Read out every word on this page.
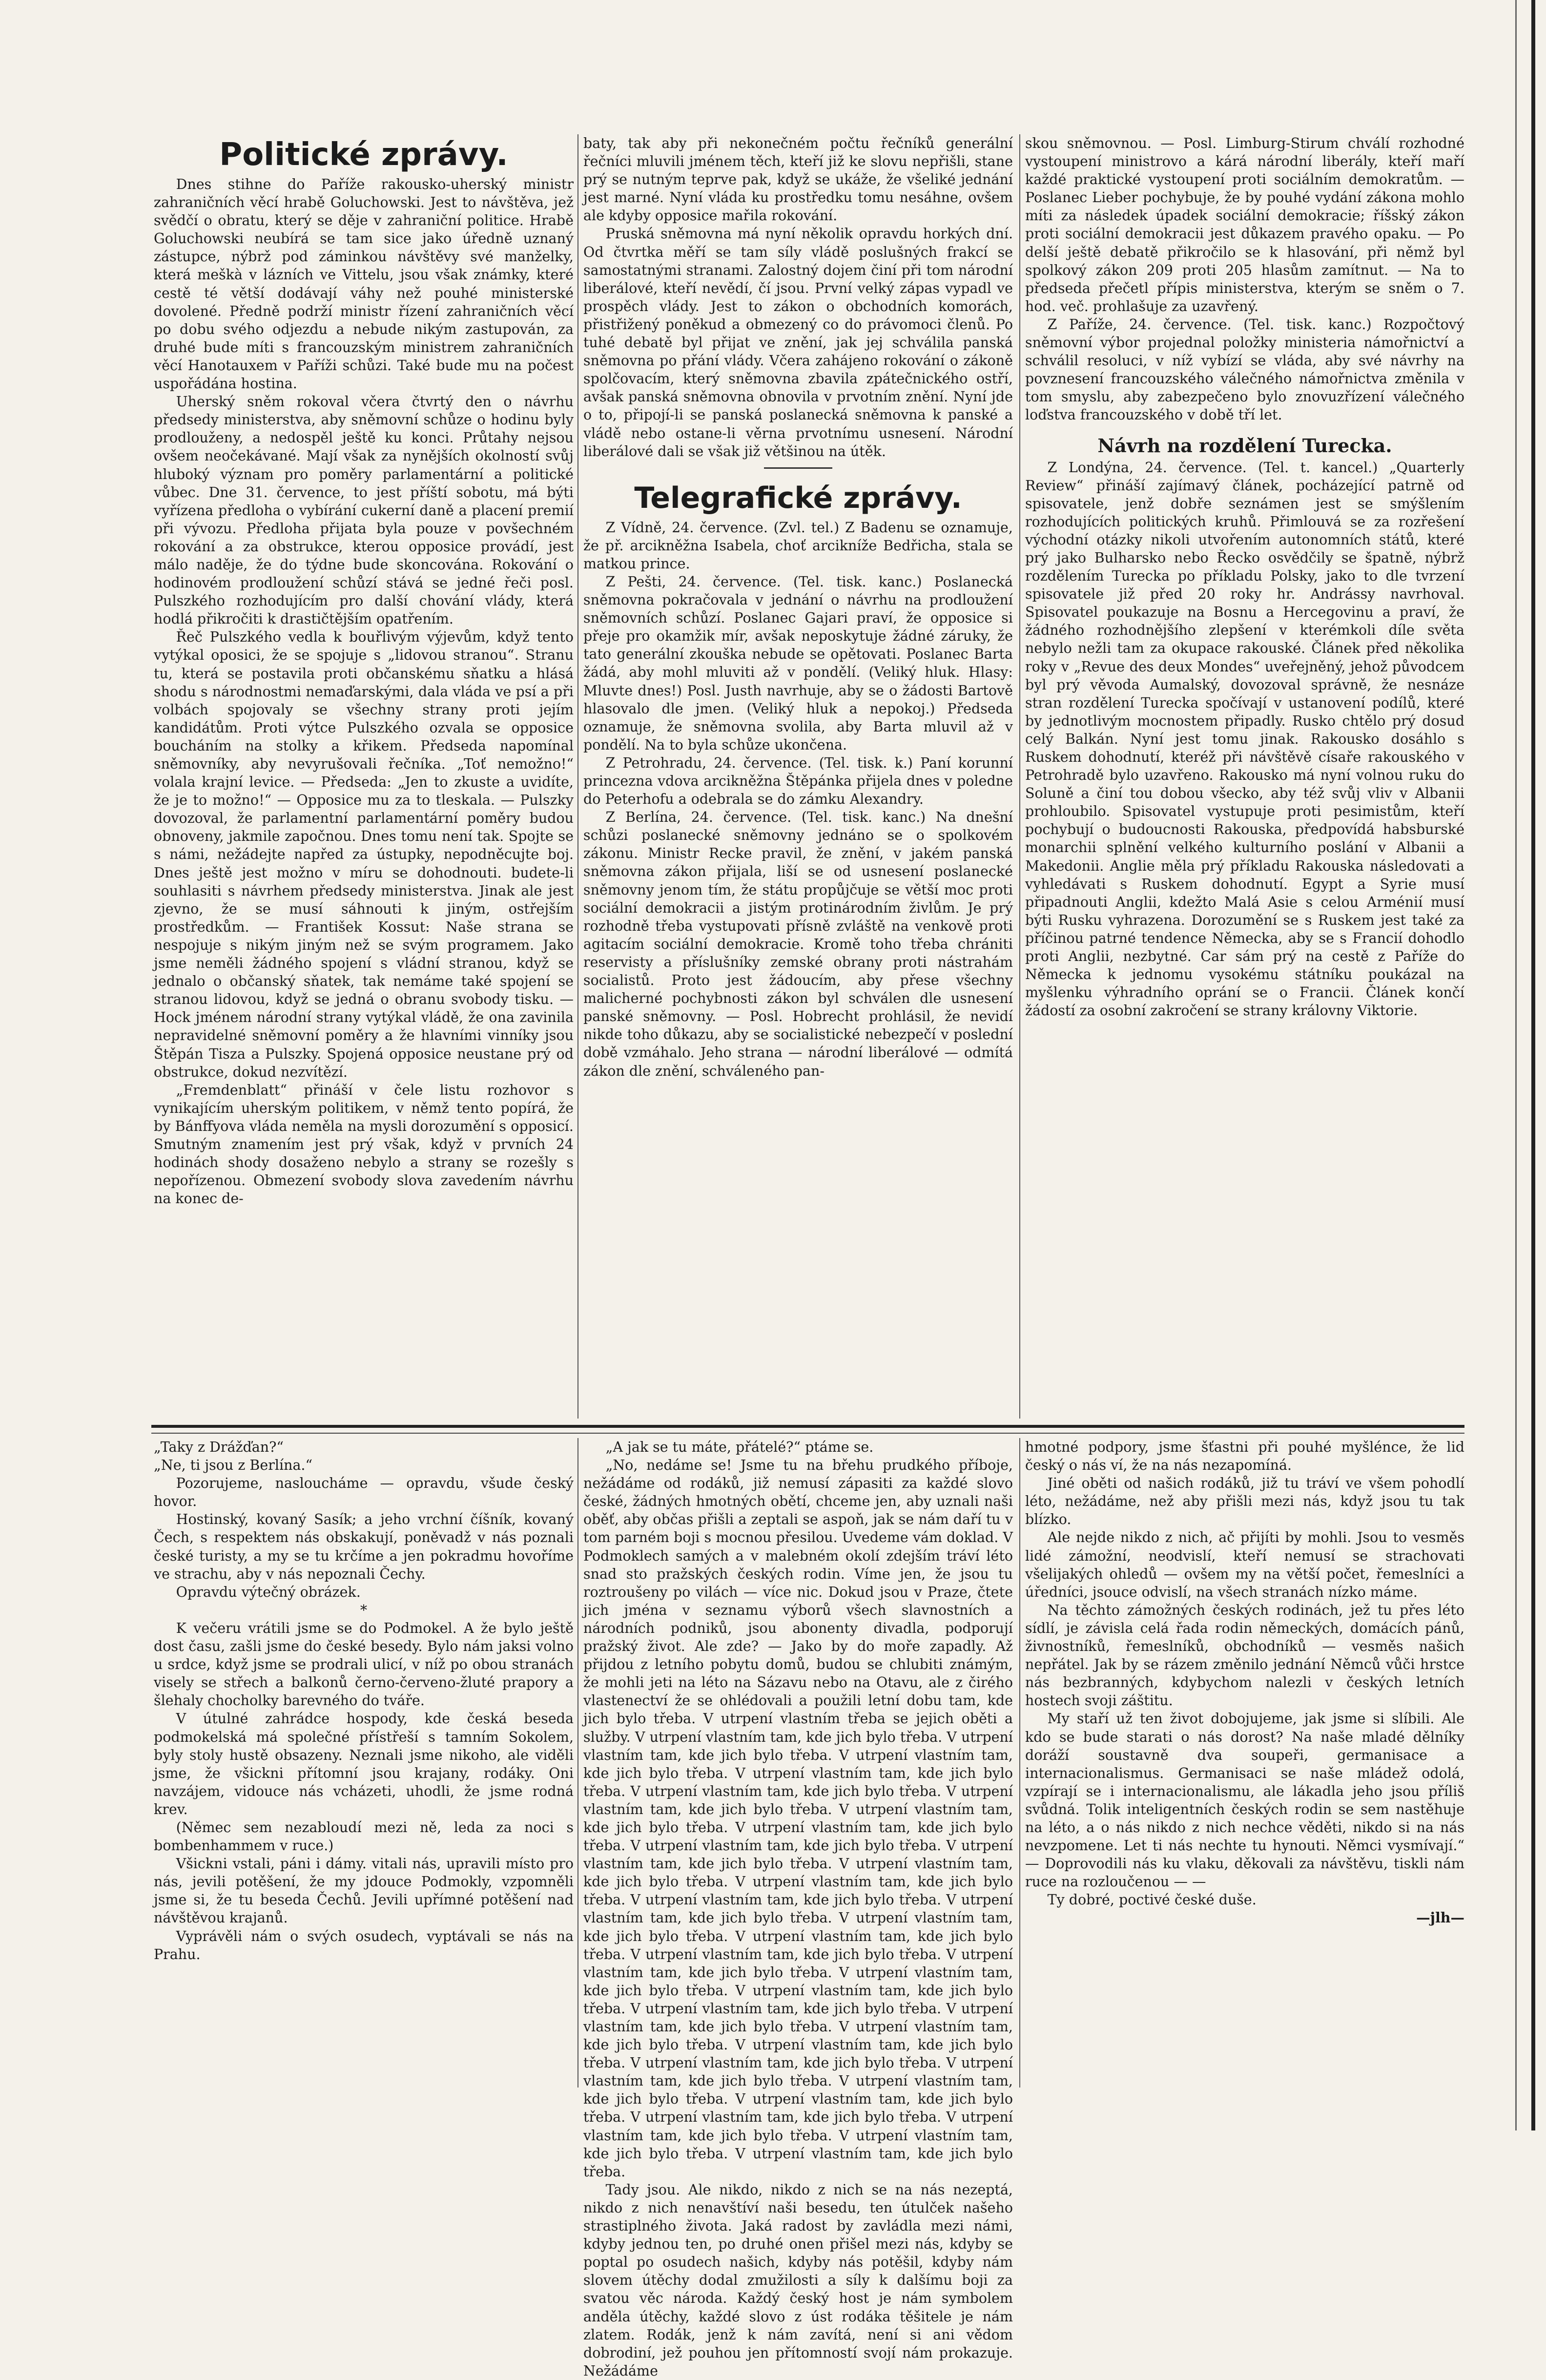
Politické zprávy.

Dnes stihne do Paříže rakousko-uherský ministr zahraničních věcí hrabě Goluchowski. Jest to návštěva, jež svědčí o obratu, který se děje v zahraniční politice. Hrabě Goluchowski neubírá se tam sice jako úředně uznaný zástupce, nýbrž pod záminkou návštěvy své manželky, která meškà v lázních ve Vittelu, jsou však známky, které cestě té větší dodávají váhy než pouhé ministerské dovolené. Předně podrží ministr řízení zahraničních věcí po dobu svého odjezdu a nebude nikým zastupován, za druhé bude míti s francouzským ministrem zahraničních věcí Hanotauxem v Paříži schůzi. Také bude mu na počest uspořádána hostina.

Uherský sněm rokoval včera čtvrtý den o návrhu předsedy ministerstva, aby sněmovní schůze o hodinu byly prodlouženy, a nedospěl ještě ku konci. Průtahy nejsou ovšem neočekávané. Mají však za nynějších okolností svůj hluboký význam pro poměry parlamentární a politické vůbec. Dne 31. července, to jest příští sobotu, má býti vyřízena předloha o vybírání cukerní daně a placení premií při vývozu. Předloha přijata byla pouze v povšechném rokování a za obstrukce, kterou opposice provádí, jest málo naděje, že do týdne bude skoncována. Rokování o hodinovém prodloužení schůzí stává se jedné řeči posl. Pulszkého rozhodujícím pro další chování vlády, která hodlá přikročiti k drastičtějším opatřením.

Řeč Pulszkého vedla k bouřlivým výjevům, když tento vytýkal oposici, že se spojuje s „lidovou stranou“. Stranu tu, která se postavila proti občanskému sňatku a hlásá shodu s národnostmi nemaďarskými, dala vláda ve psí a při volbách spojovaly se všechny strany proti jejím kandidátům. Proti výtce Pulszkého ozvala se opposice boucháním na stolky a křikem. Předseda napomínal sněmovníky, aby nevyrušovali řečníka. „Toť nemožno!“ volala krajní levice. — Předseda: „Jen to zkuste a uvidíte, že je to možno!“ — Opposice mu za to tleskala. — Pulszky dovozoval, že parlamentní parlamentární poměry budou obnoveny, jakmile započnou. Dnes tomu není tak. Spojte se s námi, nežádejte napřed za ústupky, nepodněcujte boj. Dnes ještě jest možno v míru se dohodnouti. budete-li souhlasiti s návrhem předsedy ministerstva. Jinak ale jest zjevno, že se musí sáhnouti k jiným, ostřejším prostředkům. — František Kossut: Naše strana se nespojuje s nikým jiným než se svým programem. Jako jsme neměli žádného spojení s vládní stranou, když se jednalo o občanský sňatek, tak nemáme také spojení se stranou lidovou, když se jedná o obranu svobody tisku. — Hock jménem národní strany vytýkal vládě, že ona zavinila nepravidelné sněmovní poměry a že hlavními vinníky jsou Štěpán Tisza a Pulszky. Spojená opposice neustane prý od obstrukce, dokud nezvítězí.

„Fremdenblatt“ přináší v čele listu rozhovor s vynikajícím uherským politikem, v němž tento popírá, že by Bánffyova vláda neměla na mysli dorozumění s opposicí. Smutným znamením jest prý však, když v prvních 24 hodinách shody dosaženo nebylo a strany se rozešly s nepořízenou. Obmezení svobody slova zavedením návrhu na konec de-

baty, tak aby při nekonečném počtu řečníků generální řečníci mluvili jménem těch, kteří již ke slovu nepřišli, stane prý se nutným teprve pak, když se ukáže, že všeliké jednání jest marné. Nyní vláda ku prostředku tomu nesáhne, ovšem ale kdyby opposice mařila rokování.

Pruská sněmovna má nyní několik opravdu horkých dní. Od čtvrtka měří se tam síly vládě poslušných frakcí se samostatnými stranami. Zalostný dojem činí při tom národní liberálové, kteří nevědí, čí jsou. První velký zápas vypadl ve prospěch vlády. Jest to zákon o obchodních komorách, přistřižený poněkud a obmezený co do právomoci členů. Po tuhé debatě byl přijat ve znění, jak jej schválila panská sněmovna po přání vlády. Včera zahájeno rokování o zákoně spolčovacím, který sněmovna zbavila zpátečnického ostří, avšak panská sněmovna obnovila v prvotním znění. Nyní jde o to, připojí-li se panská poslanecká sněmovna k panské a vládě nebo ostane-li věrna prvotnímu usnesení. Národní liberálové dali se však již většinou na útěk.

Telegrafické zprávy.

Z Vídně, 24. července. (Zvl. tel.) Z Badenu se oznamuje, že př. arcikněžna Isabela, choť arcikníže Bedřicha, stala se matkou prince.

Z Pešti, 24. července. (Tel. tisk. kanc.) Poslanecká sněmovna pokračovala v jednání o návrhu na prodloužení sněmovních schůzí. Poslanec Gajari praví, že opposice si přeje pro okamžik mír, avšak neposkytuje žádné záruky, že tato generální zkouška nebude se opětovati. Poslanec Barta žádá, aby mohl mluviti až v pondělí. (Veliký hluk. Hlasy: Mluvte dnes!) Posl. Justh navrhuje, aby se o žádosti Bartově hlasovalo dle jmen. (Veliký hluk a nepokoj.) Předseda oznamuje, že sněmovna svolila, aby Barta mluvil až v pondělí. Na to byla schůze ukončena.

Z Petrohradu, 24. července. (Tel. tisk. k.) Paní korunní princezna vdova arcikněžna Štěpánka přijela dnes v poledne do Peterhofu a odebrala se do zámku Alexandry.

Z Berlína, 24. července. (Tel. tisk. kanc.) Na dnešní schůzi poslanecké sněmovny jednáno se o spolkovém zákonu. Ministr Recke pravil, že znění, v jakém panská sněmovna zákon přijala, liší se od usnesení poslanecké sněmovny jenom tím, že státu propůjčuje se větší moc proti sociální demokracii a jistým protinárodním živlům. Je prý rozhodně třeba vystupovati přísně zvláště na venkově proti agitacím sociální demokracie. Kromě toho třeba chrániti reservisty a příslušníky zemské obrany proti nástrahám socialistů. Proto jest žádoucím, aby přese všechny malicherné pochybnosti zákon byl schválen dle usnesení panské sněmovny. — Posl. Hobrecht prohlásil, že nevidí nikde toho důkazu, aby se socialistické nebezpečí v poslední době vzmáhalo. Jeho strana — národní liberálové — odmítá zákon dle znění, schváleného pan-

skou sněmovnou. — Posl. Limburg-Stirum chválí rozhodné vystoupení ministrovo a kárá národní liberály, kteří maří každé praktické vystoupení proti sociálním demokratům. — Poslanec Lieber pochybuje, že by pouhé vydání zákona mohlo míti za následek úpadek sociální demokracie; říšský zákon proti sociální demokracii jest důkazem pravého opaku. — Po delší ještě debatě přikročilo se k hlasování, při němž byl spolkový zákon 209 proti 205 hlasům zamítnut. — Na to předseda přečetl přípis ministerstva, kterým se sněm o 7. hod. več. prohlašuje za uzavřený.

Z Paříže, 24. července. (Tel. tisk. kanc.) Rozpočtový sněmovní výbor projednal položky ministeria námořnictví a schválil resoluci, v níž vybízí se vláda, aby své návrhy na povznesení francouzského válečného námořnictva změnila v tom smyslu, aby zabezpečeno bylo znovuzřízení válečného loďstva francouzského v době tří let.

Návrh na rozdělení Turecka.

Z Londýna, 24. července. (Tel. t. kancel.) „Quarterly Review“ přináší zajímavý článek, pocházející patrně od spisovatele, jenž dobře seznámen jest se smýšlením rozhodujících politických kruhů. Přimlouvá se za rozřešení východní otázky nikoli utvořením autonomních států, které prý jako Bulharsko nebo Řecko osvědčily se špatně, nýbrž rozdělením Turecka po příkladu Polsky, jako to dle tvrzení spisovatele již před 20 roky hr. Andrássy navrhoval. Spisovatel poukazuje na Bosnu a Hercegovinu a praví, že žádného rozhodnějšího zlepšení v kterémkoli díle světa nebylo nežli tam za okupace rakouské. Článek před několika roky v „Revue des deux Mondes“ uveřejněný, jehož původcem byl prý věvoda Aumalský, dovozoval správně, že nesnáze stran rozdělení Turecka spočívají v ustanovení podílů, které by jednotlivým mocnostem připadly. Rusko chtělo prý dosud celý Balkán. Nyní jest tomu jinak. Rakousko dosáhlo s Ruskem dohodnutí, kteréž při návštěvě císaře rakouského v Petrohradě bylo uzavřeno. Rakousko má nyní volnou ruku do Soluně a činí tou dobou všecko, aby též svůj vliv v Albanii prohloubilo. Spisovatel vystupuje proti pesimistům, kteří pochybují o budoucnosti Rakouska, předpovídá habsburské monarchii splnění velkého kulturního poslání v Albanii a Makedonii. Anglie měla prý příkladu Rakouska následovati a vyhledávati s Ruskem dohodnutí. Egypt a Syrie musí připadnouti Anglii, kdežto Malá Asie s celou Arménií musí býti Rusku vyhrazena. Dorozumění se s Ruskem jest také za příčinou patrné tendence Německa, aby se s Francií dohodlo proti Anglii, nezbytné. Car sám prý na cestě z Paříže do Německa k jednomu vysokému státníku poukázal na myšlenku výhradního oprání se o Francii. Článek končí žádostí za osobní zakročení se strany královny Viktorie.

„Taky z Drážďan?“

„Ne, ti jsou z Berlína.“

Pozorujeme, nasloucháme — opravdu, všude český hovor.

Hostinský, kovaný Sasík; a jeho vrchní číšník, kovaný Čech, s respektem nás obskakují, poněvadž v nás poznali české turisty, a my se tu krčíme a jen pokradmu hovoříme ve strachu, aby v nás nepoznali Čechy.

Opravdu výtečný obrázek.

*

K večeru vrátili jsme se do Podmokel. A že bylo ještě dost času, zašli jsme do české besedy. Bylo nám jaksi volno u srdce, když jsme se prodrali ulicí, v níž po obou stranách visely se střech a balkonů černo-červeno-žluté prapory a šlehaly chocholky barevného do tváře.

V útulné zahrádce hospody, kde česká beseda podmokelská má společné přístřeší s tamním Sokolem, byly stoly hustě obsazeny. Neznali jsme nikoho, ale viděli jsme, že všickni přítomní jsou krajany, rodáky. Oni navzájem, vidouce nás vcházeti, uhodli, že jsme rodná krev.

(Němec sem nezabloudí mezi ně, leda za noci s bombenhammem v ruce.)

Všickni vstali, páni i dámy. vitali nás, upravili místo pro nás, jevili potěšení, že my jdouce Podmokly, vzpomněli jsme si, že tu beseda Čechů. Jevili upřímné potěšení nad návštěvou krajanů.

Vyprávěli nám o svých osudech, vyptávali se nás na Prahu.

„A jak se tu máte, přátelé?“ ptáme se.

„No, nedáme se! Jsme tu na břehu prudkého příboje, nežádáme od rodáků, již nemusí zápasiti za každé slovo české, žádných hmotných obětí, chceme jen, aby uznali naši oběť, aby občas přišli a zeptali se aspoň, jak se nám daří tu v tom parném boji s mocnou přesilou. Uvedeme vám doklad. V Podmoklech samých a v malebném okolí zdejším tráví léto snad sto pražských českých rodin. Víme jen, že jsou tu roztroušeny po vilách — více nic. Dokud jsou v Praze, čtete jich jména v seznamu výborů všech slavnostních a národních podniků, jsou abonenty divadla, podporují pražský život. Ale zde? — Jako by do moře zapadly. Až přijdou z letního pobytu domů, budou se chlubiti známým, že mohli jeti na léto na Sázavu nebo na Otavu, ale z čirého vlastenectví že se ohlédovali a použili letní dobu tam, kde jich bylo třeba. V utrpení vlastním třeba se jejich oběti a služby. V utrpení vlastním tam, kde jich bylo třeba. V utrpení vlastním tam, kde jich bylo třeba. V utrpení vlastním tam, kde jich bylo třeba. V utrpení vlastním tam, kde jich bylo třeba. V utrpení vlastním tam, kde jich bylo třeba. V utrpení vlastním tam, kde jich bylo třeba. V utrpení vlastním tam, kde jich bylo třeba. V utrpení vlastním tam, kde jich bylo třeba. V utrpení vlastním tam, kde jich bylo třeba. V utrpení vlastním tam, kde jich bylo třeba. V utrpení vlastním tam, kde jich bylo třeba. V utrpení vlastním tam, kde jich bylo třeba. V utrpení vlastním tam, kde jich bylo třeba. V utrpení vlastním tam, kde jich bylo třeba. V utrpení vlastním tam, kde jich bylo třeba. V utrpení vlastním tam, kde jich bylo třeba. V utrpení vlastním tam, kde jich bylo třeba. V utrpení vlastním tam, kde jich bylo třeba. V utrpení vlastním tam, kde jich bylo třeba. V utrpení vlastním tam, kde jich bylo třeba. V utrpení vlastním tam, kde jich bylo třeba. V utrpení vlastním tam, kde jich bylo třeba. V utrpení vlastním tam, kde jich bylo třeba. V utrpení vlastním tam, kde jich bylo třeba. V utrpení vlastním tam, kde jich bylo třeba. V utrpení vlastním tam, kde jich bylo třeba. V utrpení vlastním tam, kde jich bylo třeba. V utrpení vlastním tam, kde jich bylo třeba. V utrpení vlastním tam, kde jich bylo třeba. V utrpení vlastním tam, kde jich bylo třeba. V utrpení vlastním tam, kde jich bylo třeba. V utrpení vlastním tam, kde jich bylo třeba.

Tady jsou. Ale nikdo, nikdo z nich se na nás nezeptá, nikdo z nich nenavštíví naši besedu, ten útulček našeho strastiplného života. Jaká radost by zavládla mezi námi, kdyby jednou ten, po druhé onen přišel mezi nás, kdyby se poptal po osudech našich, kdyby nás potěšil, kdyby nám slovem útěchy dodal zmužilosti a síly k dalšímu boji za svatou věc národa. Každý český host je nám symbolem anděla útěchy, každé slovo z úst rodáka těšitele je nám zlatem. Rodák, jenž k nám zavítá, není si ani vědom dobrodiní, jež pouhou jen přítomností svojí nám prokazuje. Nežádáme

hmotné podpory, jsme šťastni při pouhé myšlénce, že lid český o nás ví, že na nás nezapomíná.

Jiné oběti od našich rodáků, již tu tráví ve všem pohodlí léto, nežádáme, než aby přišli mezi nás, když jsou tu tak blízko.

Ale nejde nikdo z nich, ač přijíti by mohli. Jsou to vesměs lidé zámožní, neodvislí, kteří nemusí se strachovati všelijakých ohledů — ovšem my na větší počet, řemeslníci a úředníci, jsouce odvislí, na všech stranách nízko máme.

Na těchto zámožných českých rodinách, jež tu přes léto sídlí, je závisla celá řada rodin německých, domácích pánů, živnostníků, řemeslníků, obchodníků — vesměs našich nepřátel. Jak by se rázem změnilo jednání Němců vůči hrstce nás bezbranných, kdybychom nalezli v českých letních hostech svoji záštitu.

My staří už ten život dobojujeme, jak jsme si slíbili. Ale kdo se bude starati o nás dorost? Na naše mladé dělníky doráží soustavně dva soupeři, germanisace a internacionalismus. Germanisaci se naše mládež odolá, vzpírají se i internacionalismu, ale lákadla jeho jsou příliš svůdná. Tolik inteligentních českých rodin se sem nastěhuje na léto, a o nás nikdo z nich nechce věděti, nikdo si na nás nevzpomene. Let ti nás nechte tu hynouti. Němci vysmívají.“ — Doprovodili nás ku vlaku, děkovali za návštěvu, tiskli nám ruce na rozloučenou — —

Ty dobré, poctivé české duše.

—jlh—
